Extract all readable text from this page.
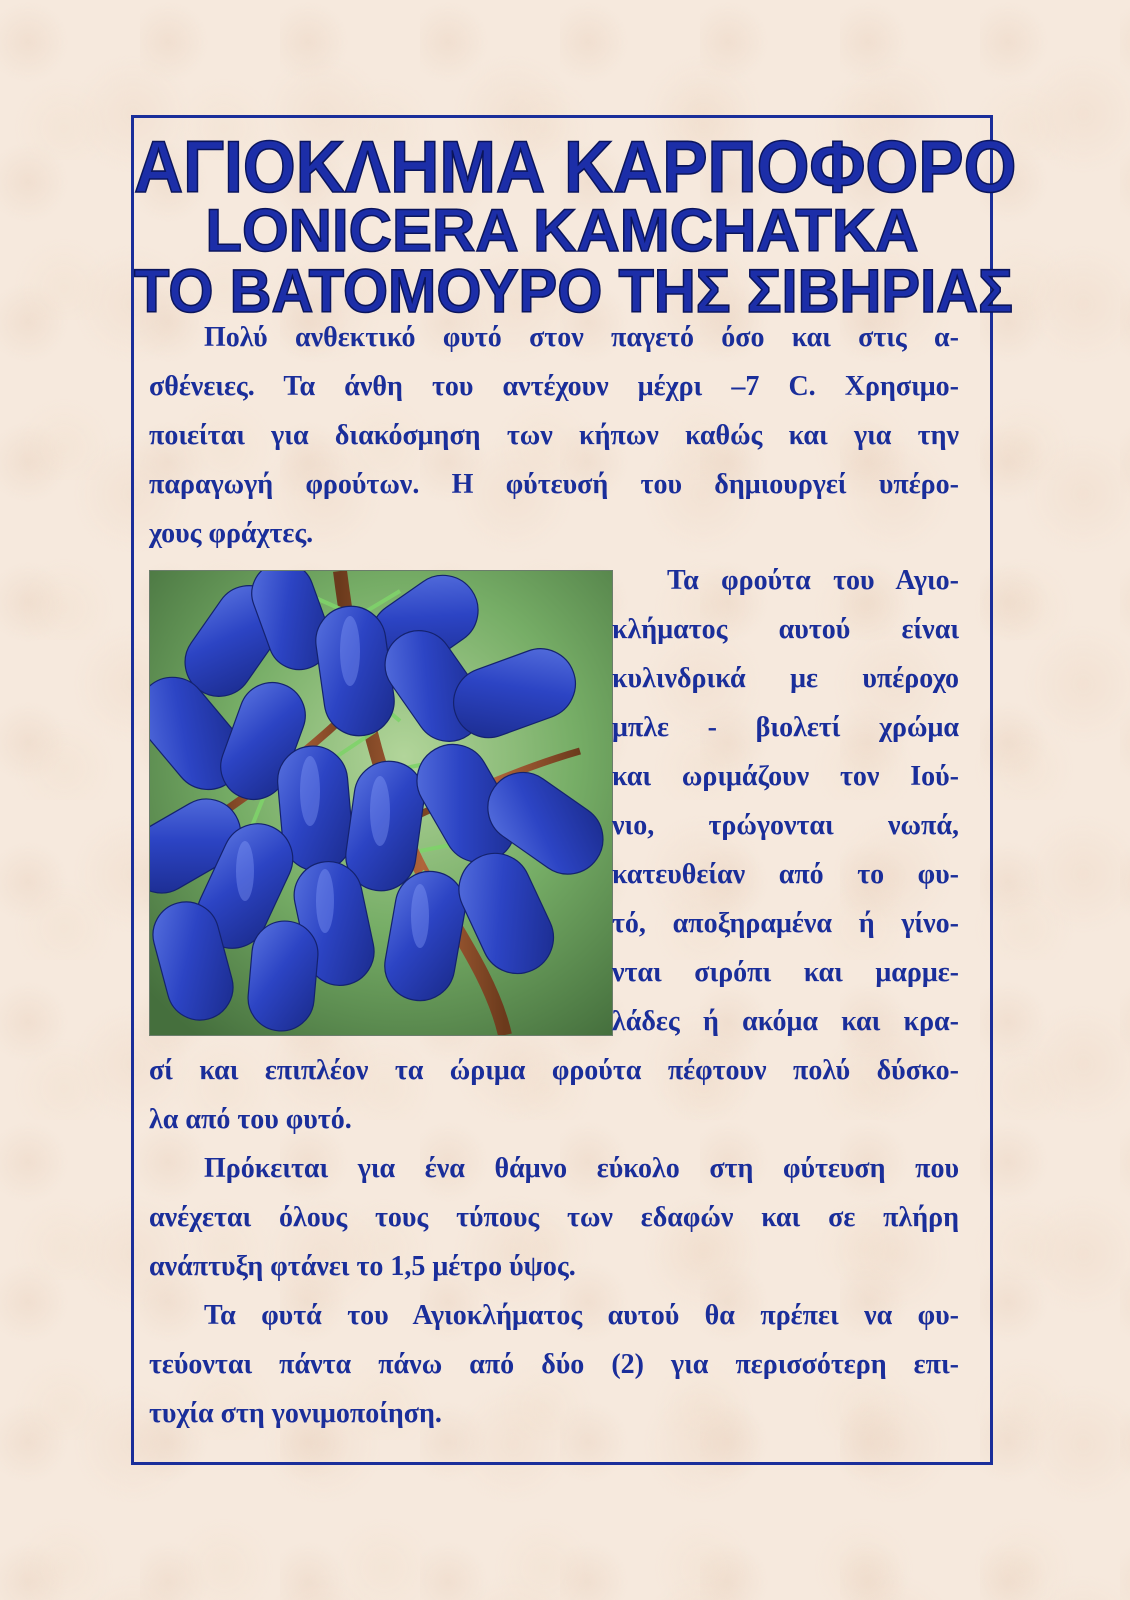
ΑΓΙΟΚΛΗΜΑ ΚΑΡΠΟΦΟΡΟ
LONICERA KAMCHATKA
ΤΟ ΒΑΤΟΜΟΥΡΟ ΤΗΣ ΣΙΒΗΡΙΑΣ
Πολύ ανθεκτικό φυτό στον παγετό όσο και στις α-
σθένειες. Τα άνθη του αντέχουν μέχρι –7 C. Χρησιμο-
ποιείται για διακόσμηση των κήπων καθώς και για την
παραγωγή φρούτων. Η φύτευσή του δημιουργεί υπέρο-
χους φράχτες.
Τα φρούτα του Αγιο-
κλήματος αυτού είναι
κυλινδρικά με υπέροχο
μπλε - βιολετί χρώμα
και ωριμάζουν τον Ιού-
νιο, τρώγονται νωπά,
κατευθείαν από το φυ-
τό, αποξηραμένα ή γίνο-
νται σιρόπι και μαρμε-
λάδες ή ακόμα και κρα-
σί και επιπλέον τα ώριμα φρούτα πέφτουν πολύ δύσκο-
λα από του φυτό.
Πρόκειται για ένα θάμνο εύκολο στη φύτευση που
ανέχεται όλους τους τύπους των εδαφών και σε πλήρη
ανάπτυξη φτάνει το 1,5 μέτρο ύψος.
Τα φυτά του Αγιοκλήματος αυτού θα πρέπει να φυ-
τεύονται πάντα πάνω από δύο (2) για περισσότερη επι-
τυχία στη γονιμοποίηση.
